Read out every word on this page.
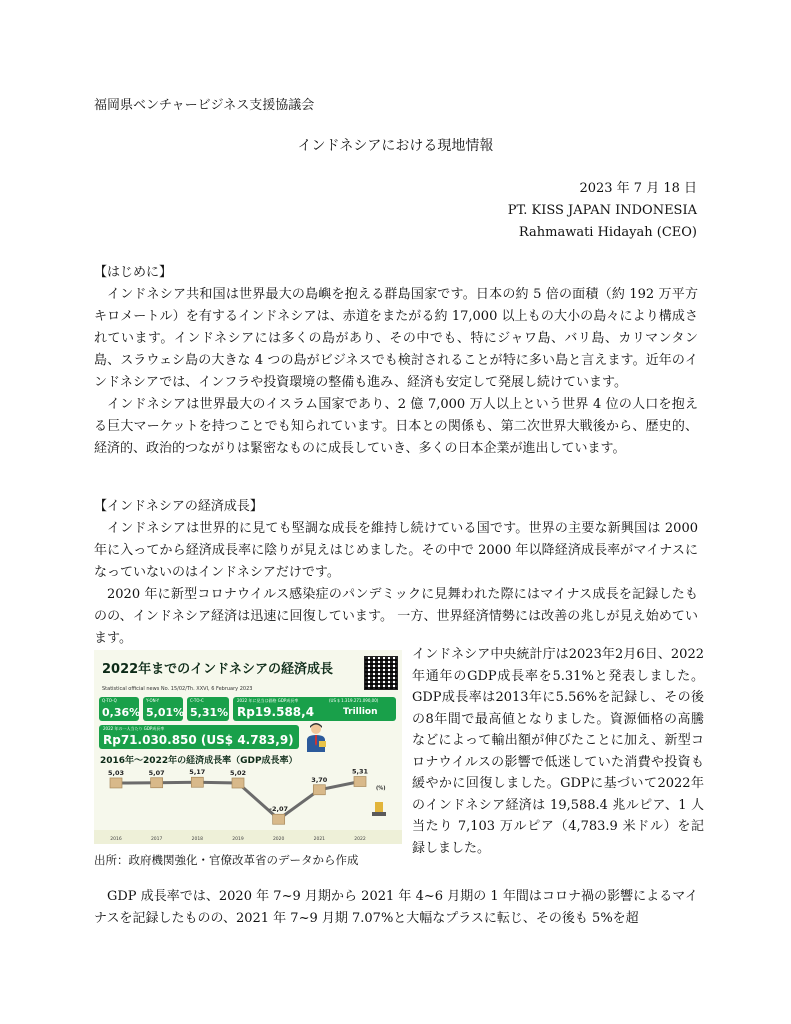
福岡県ベンチャービジネス支援協議会
インドネシアにおける現地情報
2023 年 7 月 18 日
PT. KISS JAPAN INDONESIA
Rahmawati Hidayah (CEO)

【はじめに】

インドネシア共和国は世界最大の島嶼を抱える群島国家です。日本の約 5 倍の面積（約 192 万平方キロメートル）を有するインドネシアは、赤道をまたがる約 17,000 以上もの大小の島々により構成されています。インドネシアには多くの島があり、その中でも、特にジャワ島、バリ島、カリマンタン島、スラウェシ島の大きな 4 つの島がビジネスでも検討されることが特に多い島と言えます。近年のインドネシアでは、インフラや投資環境の整備も進み、経済も安定して発展し続けています。

インドネシアは世界最大のイスラム国家であり、2 億 7,000 万人以上という世界 4 位の人口を抱える巨大マーケットを持つことでも知られています。日本との関係も、第二次世界大戦後から、歴史的、経済的、政治的つながりは緊密なものに成長していき、多くの日本企業が進出しています。

【インドネシアの経済成長】

インドネシアは世界的に見ても堅調な成長を維持し続けている国です。世界の主要な新興国は 2000 年に入ってから経済成長率に陰りが見えはじめました。その中で 2000 年以降経済成長率がマイナスになっていないのはインドネシアだけです。

2020 年に新型コロナウイルス感染症のパンデミックに見舞われた際にはマイナス成長を記録したものの、インドネシア経済は迅速に回復しています。 一方、世界経済情勢には改善の兆しが見え始めています。

2022年までのインドネシアの経済成長
Statistical official news No. 15/02/Th. XXVI, 6 February 2023
Q-TO-Q
0,36%
Y-ON-Y
5,01%
C-TO-C
5,31%
2022 年に見当は価格 GDP成長率	(US $ 1.319.271.090,00)
Rp19.588,4	Trillion
2022 年の一人当たり GDP成長率
Rp71.030.850 (US$ 4.783,9)
2016年〜2022年の経済成長率（GDP成長率）
5,03
2016
5,07
2017
5,17
2018
5,02
2019
-2,07
2020
3,70
2021
5,31
2022
(%)
インドネシア中央統計庁は2023年2月6日、2022年通年のGDP成長率を5.31%と発表しました。GDP成長率は2013年に5.56%を記録し、その後の8年間で最高値となりました。資源価格の高騰などによって輸出額が伸びたことに加え、新型コロナウイルスの影響で低迷していた消費や投資も緩やかに回復しました。GDPに基づいて2022年のインドネシア経済は 19,588.4 兆ルピア、1 人当たり 7,103 万ルピア（4,783.9 米ドル）を記録しました。
出所：政府機関強化・官僚改革省のデータから作成

GDP 成長率では、2020 年 7~9 月期から 2021 年 4~6 月期の 1 年間はコロナ禍の影響によるマイナスを記録したものの、2021 年 7~9 月期 7.07%と大幅なプラスに転じ、その後も 5%を超
